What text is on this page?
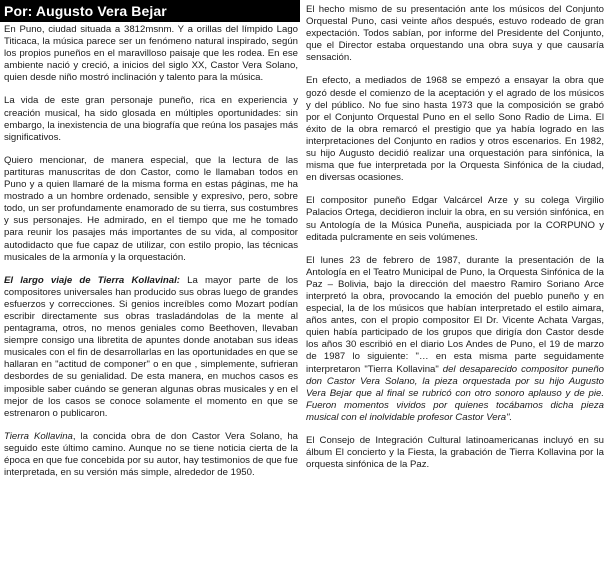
Por: Augusto Vera Bejar

En Puno, ciudad situada a 3812msnm. Y a orillas del límpido Lago Titicaca, la música parece ser un fenómeno natural inspirado, según los propios puneños en el maravilloso paisaje que les rodea. En ese ambiente nació y creció, a inicios del siglo XX, Castor Vera Solano, quien desde niño mostró inclinación y talento para la música.

La vida de este gran personaje puneño, rica en experiencia y creación musical, ha sido glosada en múltiples oportunidades: sin embargo, la inexistencia de una biografía que reúna los pasajes más significativos.

Quiero mencionar, de manera especial, que la lectura de las partituras manuscritas de don Castor, como le llamaban todos en Puno y a quien llamaré de la misma forma en estas páginas, me ha mostrado a un hombre ordenado, sensible y expresivo, pero, sobre todo, un ser profundamente enamorado de su tierra, sus costumbres y sus personajes. He admirado, en el tiempo que me he tomado para reunir los pasajes más importantes de su vida, al compositor autodidacto que fue capaz de utilizar, con estilo propio, las técnicas musicales de la armonía y la orquestación.

El largo viaje de Tierra Kollavinal: La mayor parte de los compositores universales han producido sus obras luego de grandes esfuerzos y correcciones. Si genios increíbles como Mozart podían escribir directamente sus obras trasladándolas de la mente al pentagrama, otros, no menos geniales como Beethoven, llevaban siempre consigo una libretita de apuntes donde anotaban sus ideas musicales con el fin de desarrollarlas en las oportunidades en que se hallaran en "actitud de componer" o en que , simplemente, sufrieran desbordes de su genialidad. De esta manera, en muchos casos es imposible saber cuándo se generan algunas obras musicales y en el mejor de los casos se conoce solamente el momento en que se estrenaron o publicaron.

Tierra Kollavina, la concida obra de don Castor Vera Solano, ha seguido este último camino. Aunque no se tiene noticia cierta de la época en que fue concebida por su autor, hay testimonios de que fue interpretada, en su versión más simple, alrededor de 1950.

El hecho mismo de su presentación ante los músicos del Conjunto Orquestal Puno, casi veinte años después, estuvo rodeado de gran expectación. Todos sabían, por informe del Presidente del Conjunto, que el Director estaba orquestando una obra suya y que causaría sensación.

En efecto, a mediados de 1968 se empezó a ensayar la obra que gozó desde el comienzo de la aceptación y el agrado de los músicos y del público. No fue sino hasta 1973 que la composición se grabó por el Conjunto Orquestal Puno en el sello Sono Radio de Lima. El éxito de la obra remarcó el prestigio que ya había logrado en las interpretaciones del Conjunto en radios y otros escenarios. En 1982, su hijo Augusto decidió realizar una orquestación para sinfónica, la misma que fue interpretada por la Orquesta Sinfónica de la ciudad, en diversas ocasiones.

El compositor puneño Edgar Valcárcel Arze y su colega Virgilio Palacios Ortega, decidieron incluir la obra, en su versión sinfónica, en su Antología de la Música Puneña, auspiciada por la CORPUNO y editada pulcramente en seis volúmenes.

El lunes 23 de febrero de 1987, durante la presentación de la Antología en el Teatro Municipal de Puno, la Orquesta Sinfónica de la Paz – Bolivia, bajo la dirección del maestro Ramiro Soriano Arce interpretó la obra, provocando la emoción del pueblo puneño y en especial, la de los músicos que habían interpretado el estilo aimara, años antes, con el propio compositor El Dr. Vicente Achata Vargas, quien había participado de los grupos que dirigía don Castor desde los años 30 escribió en el diario Los Andes de Puno, el 19 de marzo de 1987 lo siguiente: "… en esta misma parte seguidamente interpretaron "Tierra Kollavina" del desaparecido compositor puneño don Castor Vera Solano, la pieza orquestada por su hijo Augusto Vera Bejar que al final se rubricó con otro sonoro aplauso y de pie. Fueron momentos vividos por quienes tocábamos dicha pieza musical con el inolvidable profesor Castor Vera".

El Consejo de Integración Cultural latinoamericanas incluyó en su álbum El concierto y la Fiesta, la grabación de Tierra Kollavina por la orquesta sinfónica de la Paz.
